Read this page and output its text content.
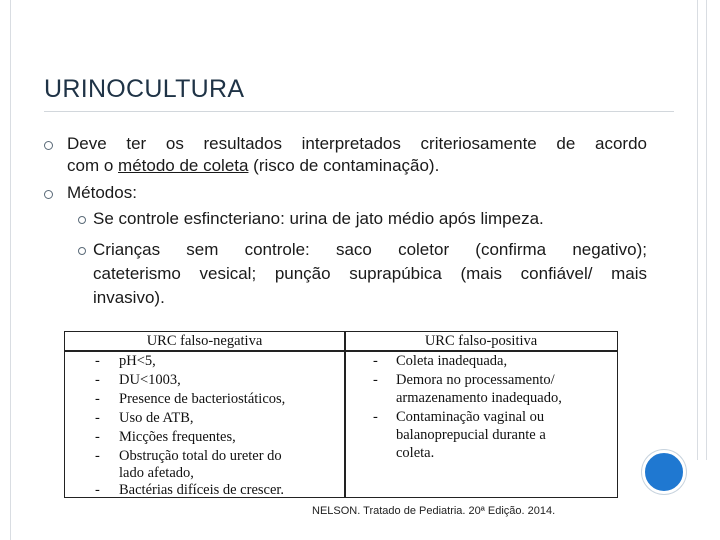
URINOCULTURA
Deve ter os resultados interpretados criteriosamente de acordo
com o método de coleta (risco de contaminação).
Métodos:
Se controle esfincteriano: urina de jato médio após limpeza.
Crianças sem controle: saco coletor (confirma negativo);
cateterismo vesical; punção suprapúbica (mais confiável/ mais
invasivo).
URC falso-negativa	URC falso-positiva
-
-
-
-
-
-
-
pH<5,
DU<1003,
Presence de bacteriostáticos,
Uso de ATB,
Micções frequentes,
Obstrução total do ureter do
lado afetado,
Bactérias difíceis de crescer.
-
-
-
Coleta inadequada,
Demora no processamento/
armazenamento inadequado,
Contaminação vaginal ou
balanoprepucial durante a
coleta.
NELSON. Tratado de Pediatria. 20ª Edição. 2014.
